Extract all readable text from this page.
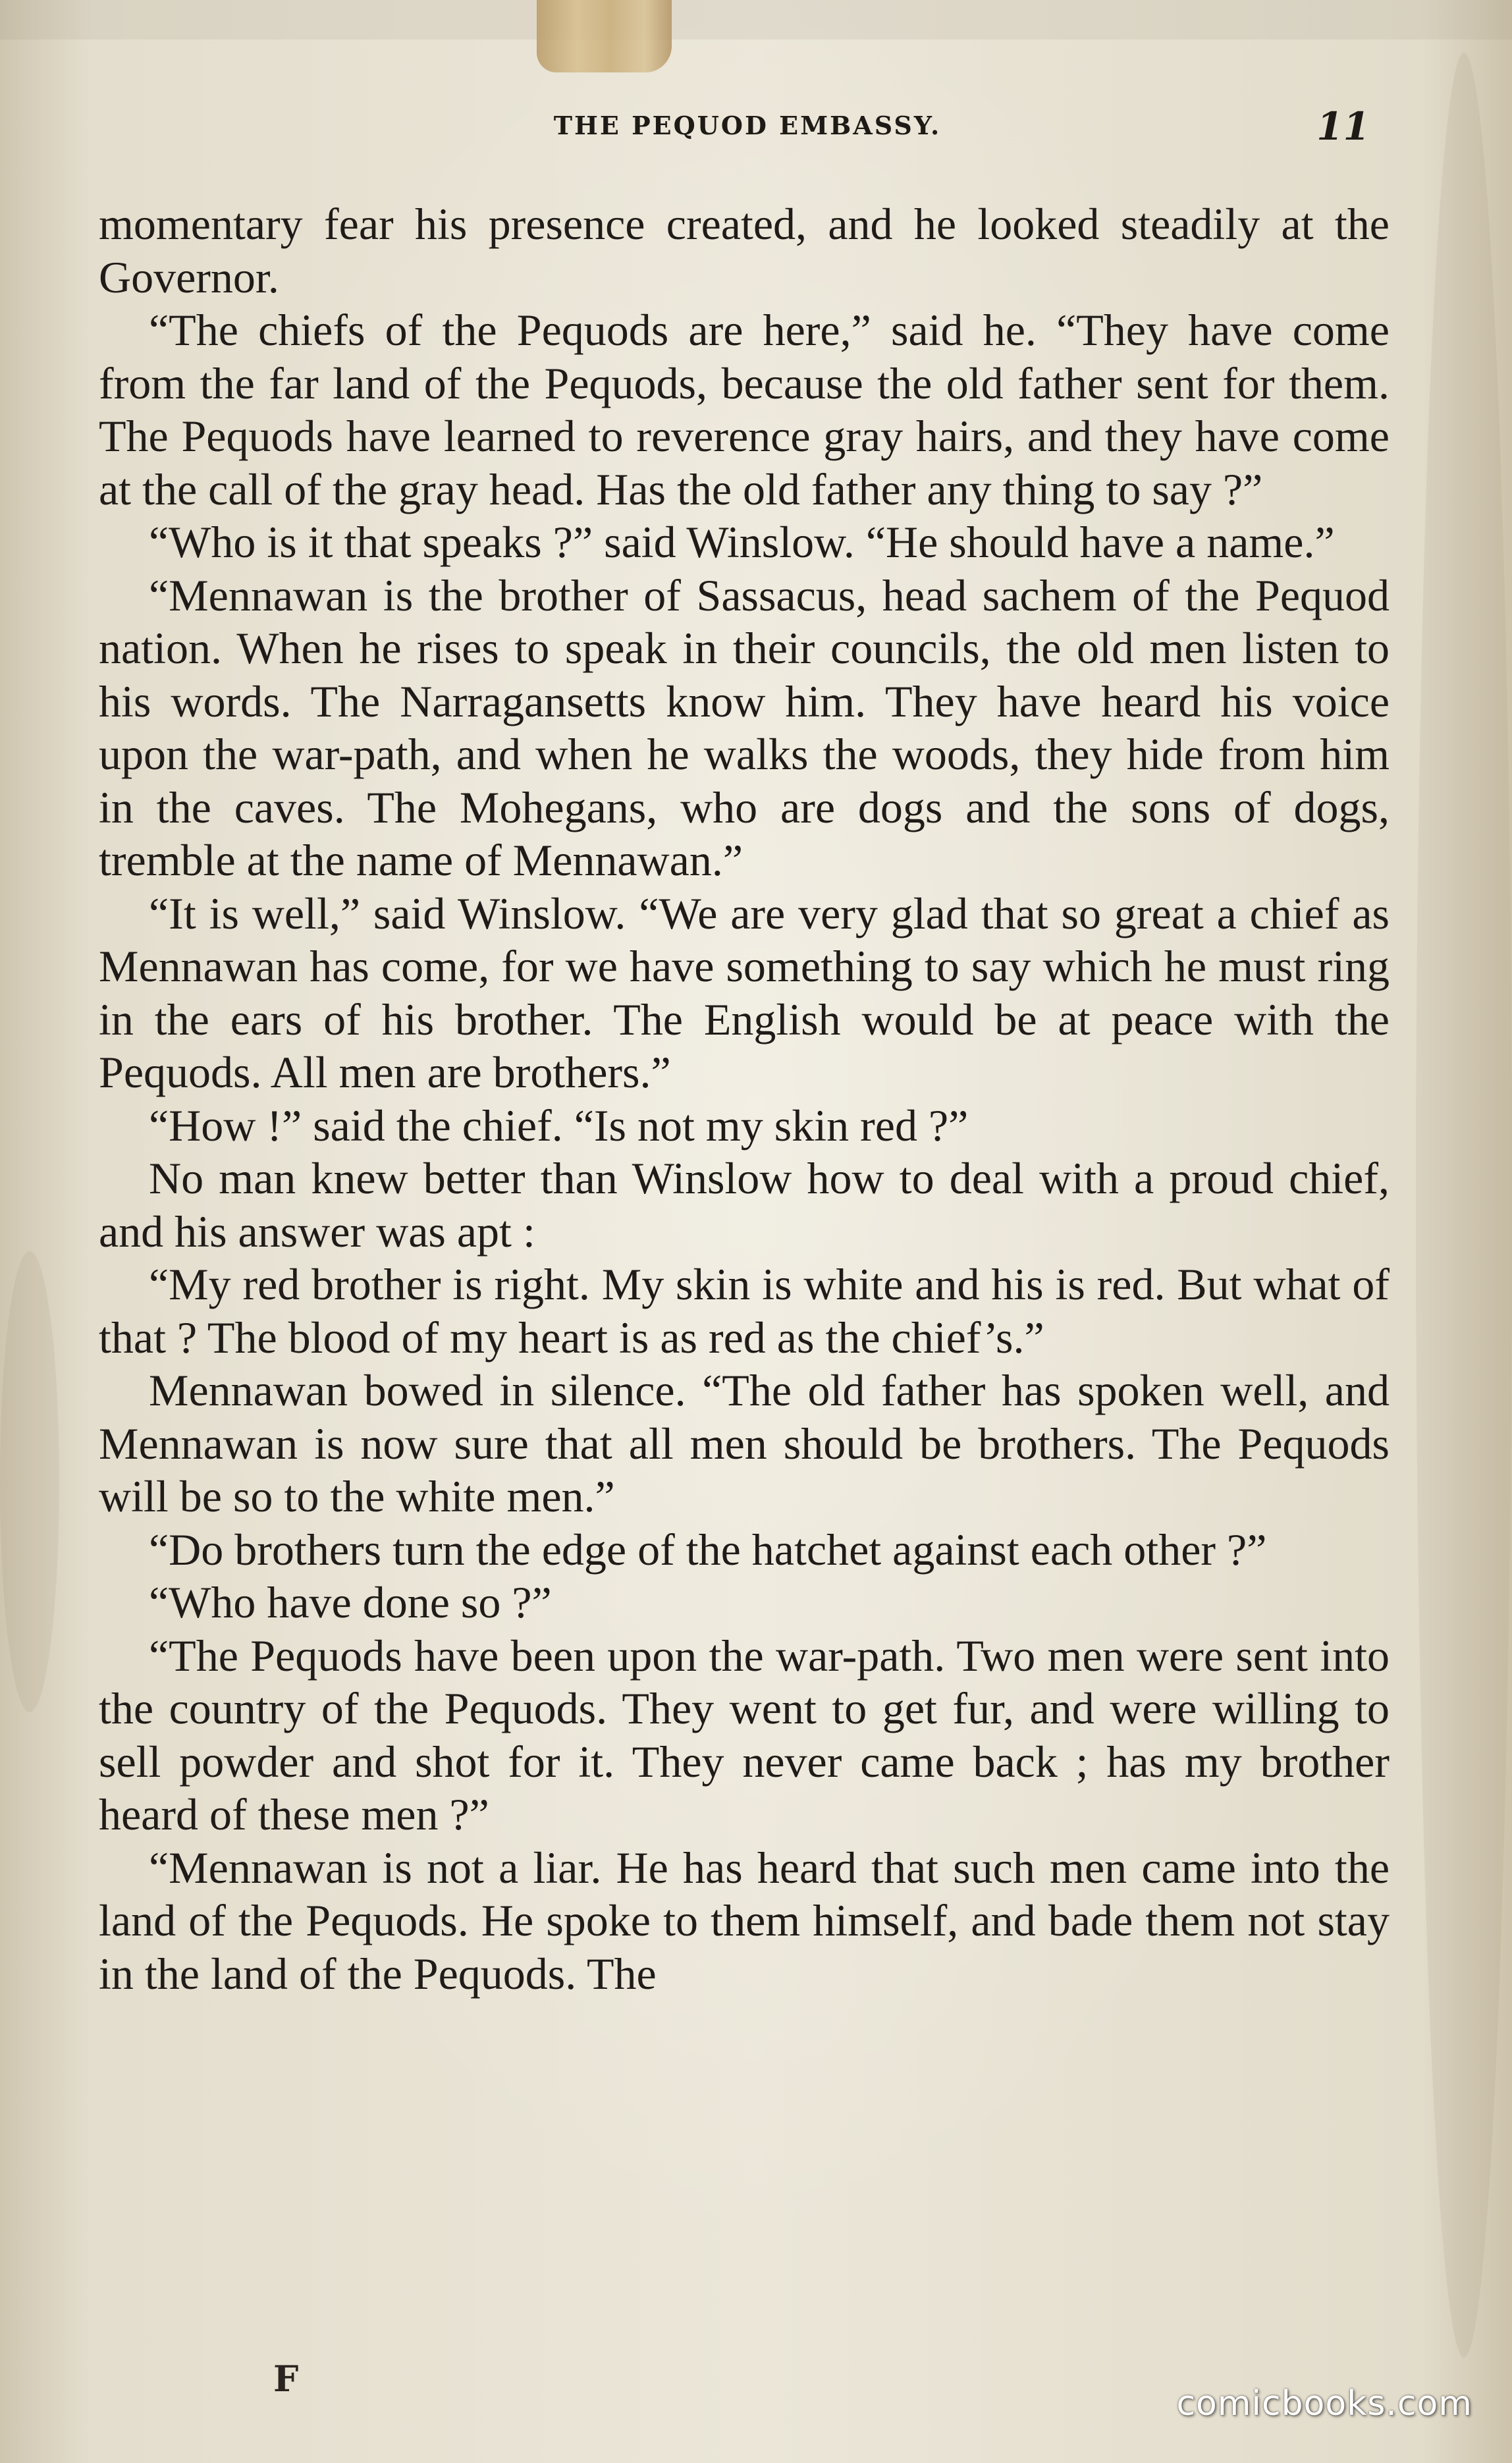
THE PEQUOD EMBASSY.	11

momentary fear his presence created, and he looked steadily at the Governor.

“The chiefs of the Pequods are here,” said he. “They have come from the far land of the Pequods, because the old father sent for them. The Pequods have learned to reverence gray hairs, and they have come at the call of the gray head. Has the old father any thing to say ?”

“Who is it that speaks ?” said Winslow. “He should have a name.”

“Mennawan is the brother of Sassacus, head sachem of the Pequod nation. When he rises to speak in their councils, the old men listen to his words. The Narragansetts know him. They have heard his voice upon the war-path, and when he walks the woods, they hide from him in the caves. The Mohegans, who are dogs and the sons of dogs, tremble at the name of Mennawan.”

“It is well,” said Winslow. “We are very glad that so great a chief as Mennawan has come, for we have something to say which he must ring in the ears of his brother. The English would be at peace with the Pequods. All men are brothers.”

“How !” said the chief. “Is not my skin red ?”

No man knew better than Winslow how to deal with a proud chief, and his answer was apt :

“My red brother is right. My skin is white and his is red. But what of that ? The blood of my heart is as red as the chief’s.”

Mennawan bowed in silence. “The old father has spoken well, and Mennawan is now sure that all men should be brothers. The Pequods will be so to the white men.”

“Do brothers turn the edge of the hatchet against each other ?”

“Who have done so ?”

“The Pequods have been upon the war-path. Two men were sent into the country of the Pequods. They went to get fur, and were willing to sell powder and shot for it. They never came back ; has my brother heard of these men ?”

“Mennawan is not a liar. He has heard that such men came into the land of the Pequods. He spoke to them himself, and bade them not stay in the land of the Pequods. The

F
comicbooks.com
